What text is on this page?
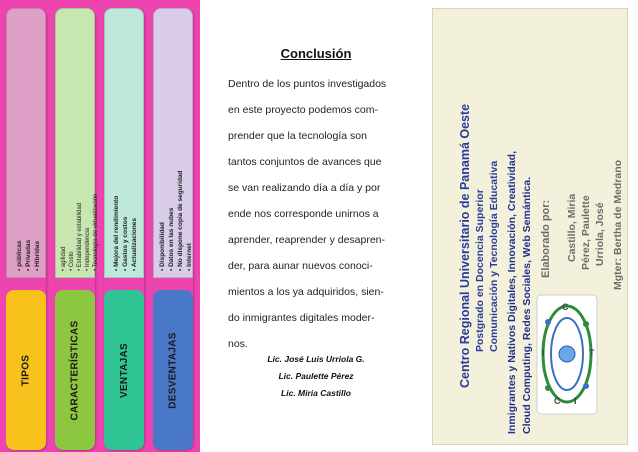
• públicas • Privadas • Híbridas
TIPOS
• agilidad • Costo • Estabilidad y estabilidad • Independencia • Tecnología de virtualización
CARACTERÍSTICAS
• Mejora del rendimiento • Gastos y costos • Actualizaciones
VENTAJAS
• Disponibilidad • Datos en las nubes • No dispone copia de seguridad • Internet
DESVENTAJAS
Conclusión
Dentro de los puntos investigados
en este proyecto podemos com-
prender que la tecnología son
tantos conjuntos de avances que
se van realizando día a día y por
ende nos corresponde unirnos a
aprender, reaprender y desapren-
der, para aunar nuevos conoci-
mientos a los ya adquiridos, sien-
do inmigrantes digitales moder-
nos.
Lic. José Luis Urriola G.
Lic. Paulette Pérez
Lic. Miria Castillo
Centro Regional Universitario de Panamá Oeste Postgrado en Docencia Superior Comunicación y Tecnología Educativa Inmigrantes y Nativos Digitales, Innovación, Creatividad, Cloud Computing, Redes Sociales, Web Semántica. Elaborado por: Castillo, Miria Pérez, Paulette Urriola, José Mgter: Bertha de Medrano
C
I	T
C I
